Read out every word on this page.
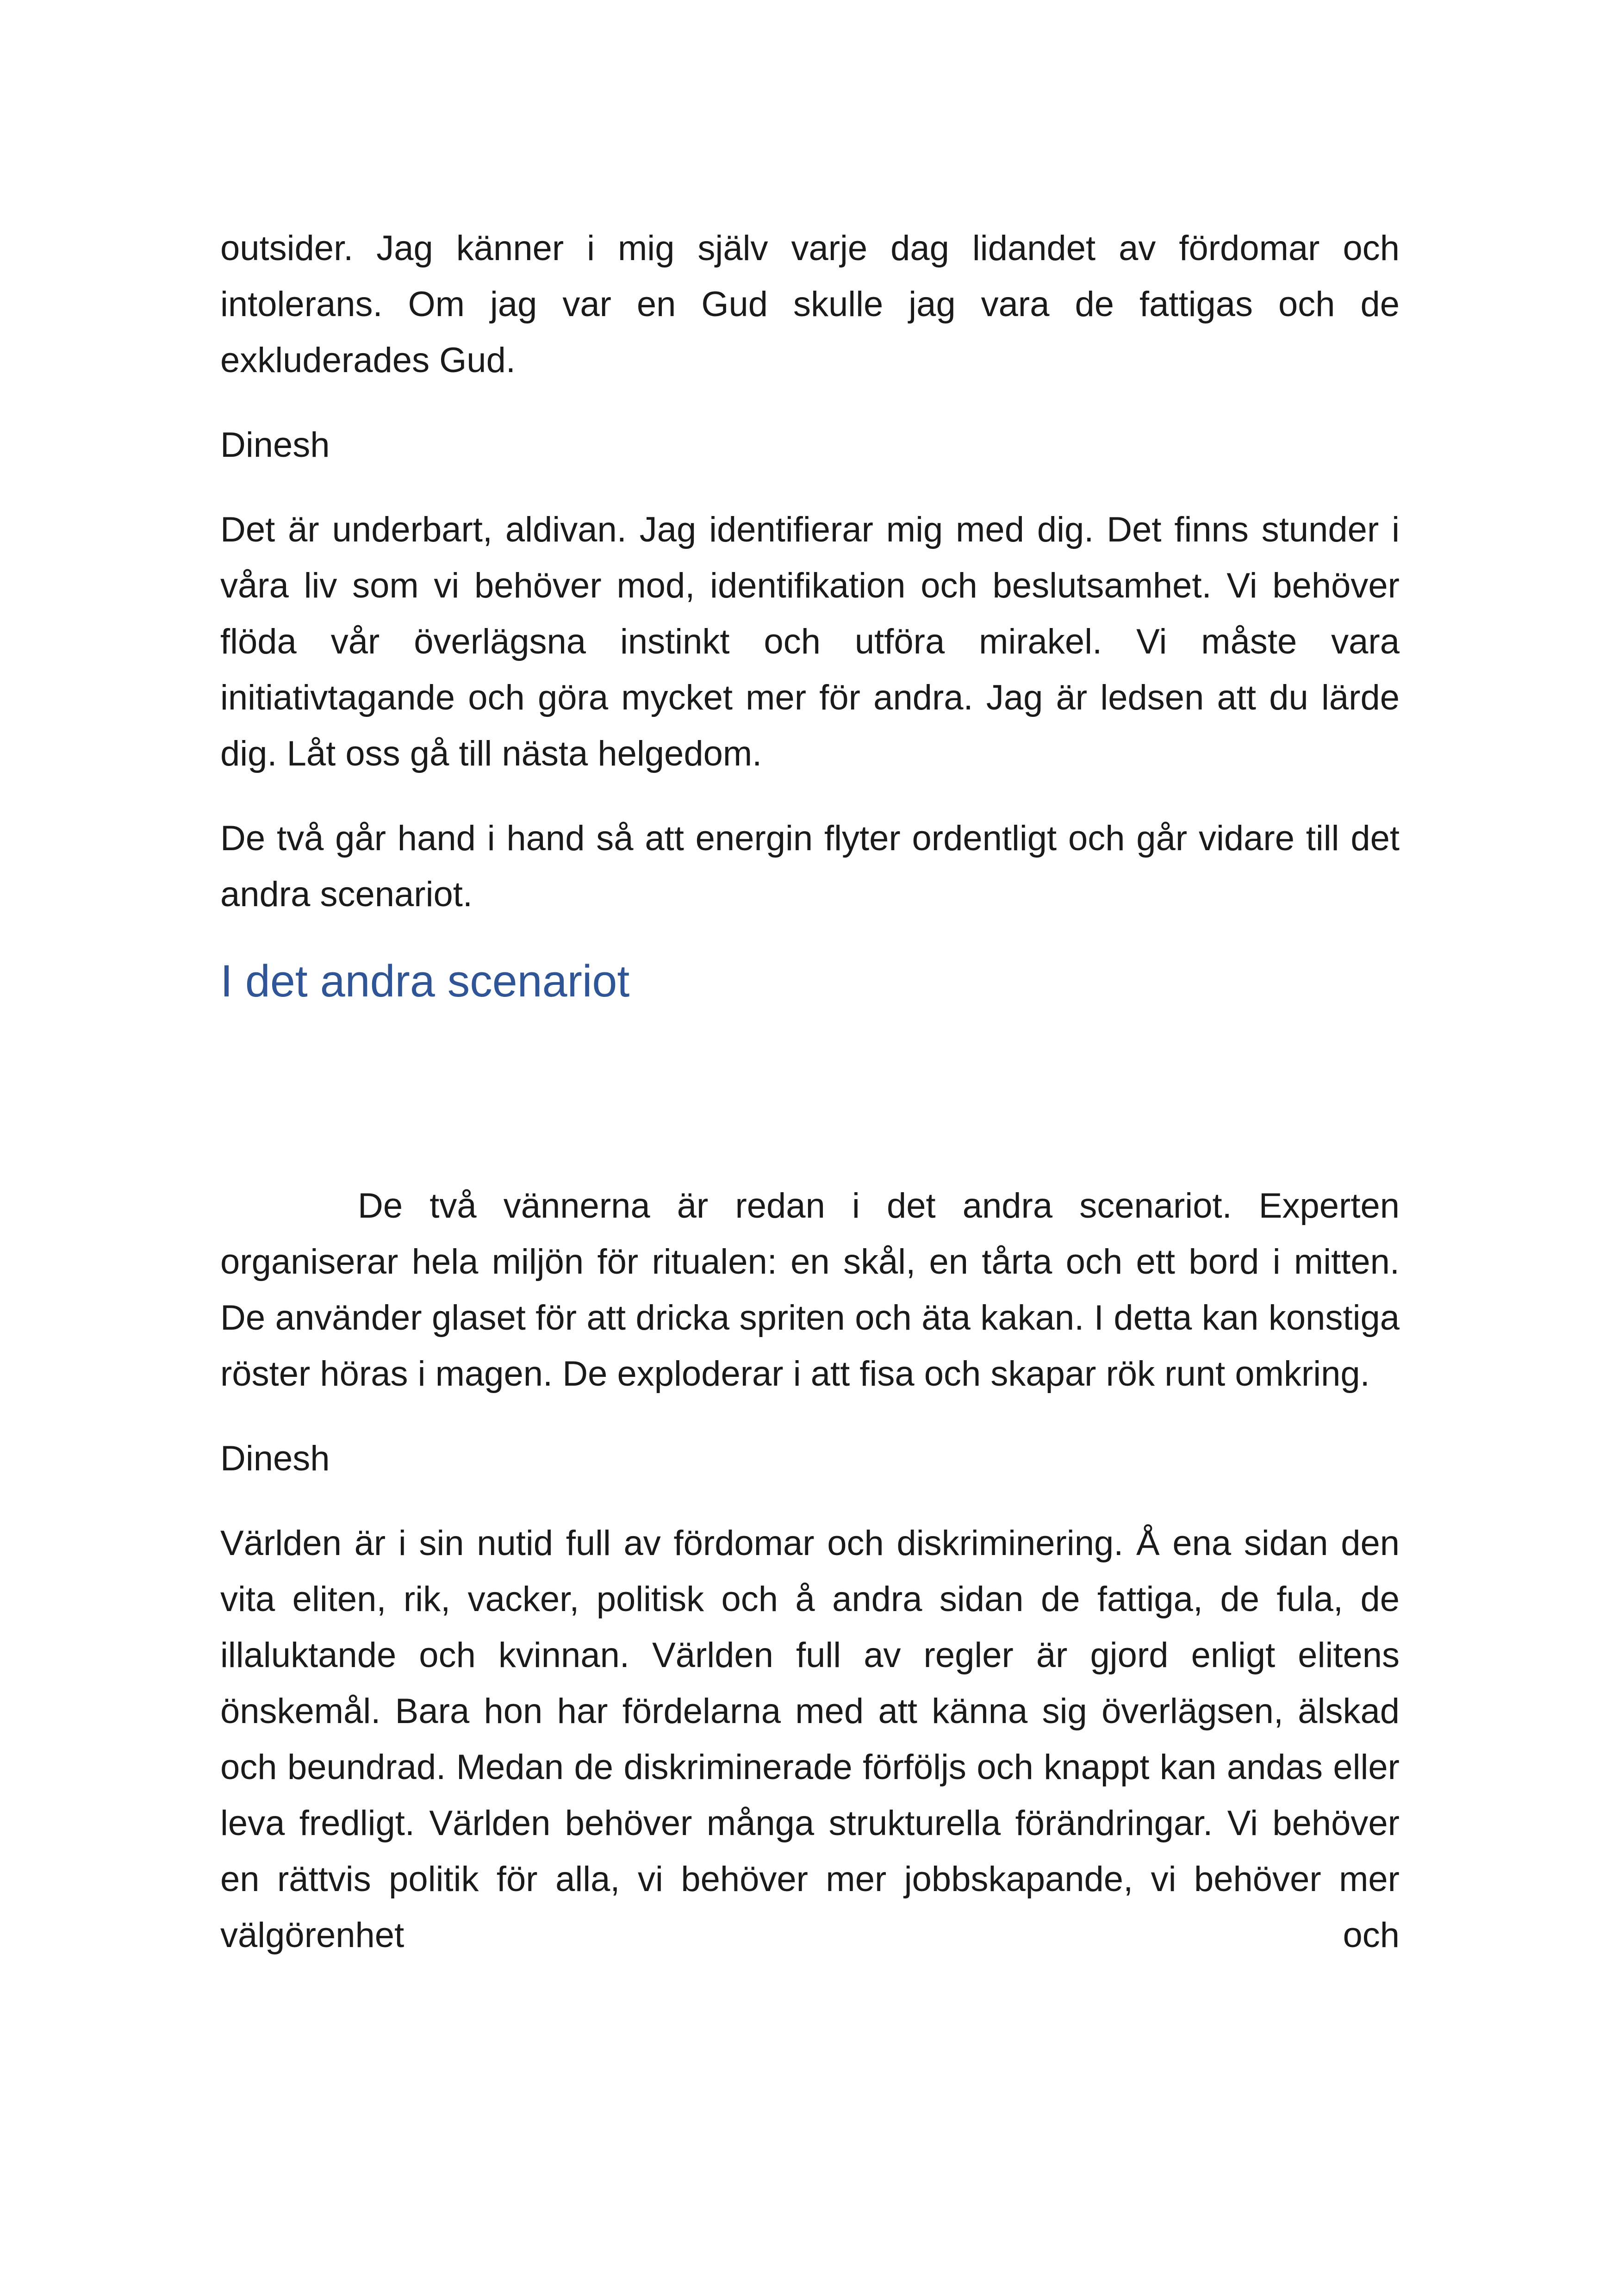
outsider. Jag känner i mig själv varje dag lidandet av fördomar och intolerans. Om jag var en Gud skulle jag vara de fattigas och de exkluderades Gud.

Dinesh

Det är underbart, aldivan. Jag identifierar mig med dig. Det finns stunder i våra liv som vi behöver mod, identifikation och beslutsamhet. Vi behöver flöda vår överlägsna instinkt och utföra mirakel. Vi måste vara initiativtagande och göra mycket mer för andra. Jag är ledsen att du lärde dig. Låt oss gå till nästa helgedom.

De två går hand i hand så att energin flyter ordentligt och går vidare till det andra scenariot.

I det andra scenariot

De två vännerna är redan i det andra scenariot. Experten organiserar hela miljön för ritualen: en skål, en tårta och ett bord i mitten. De använder glaset för att dricka spriten och äta kakan. I detta kan konstiga röster höras i magen. De exploderar i att fisa och skapar rök runt omkring.

Dinesh

Världen är i sin nutid full av fördomar och diskriminering. Å ena sidan den vita eliten, rik, vacker, politisk och å andra sidan de fattiga, de fula, de illaluktande och kvinnan. Världen full av regler är gjord enligt elitens önskemål. Bara hon har fördelarna med att känna sig överlägsen, älskad och beundrad. Medan de diskriminerade förföljs och knappt kan andas eller leva fredligt. Världen behöver många strukturella förändringar. Vi behöver en rättvis politik för alla, vi behöver mer jobbskapande, vi behöver mer välgörenhet och
